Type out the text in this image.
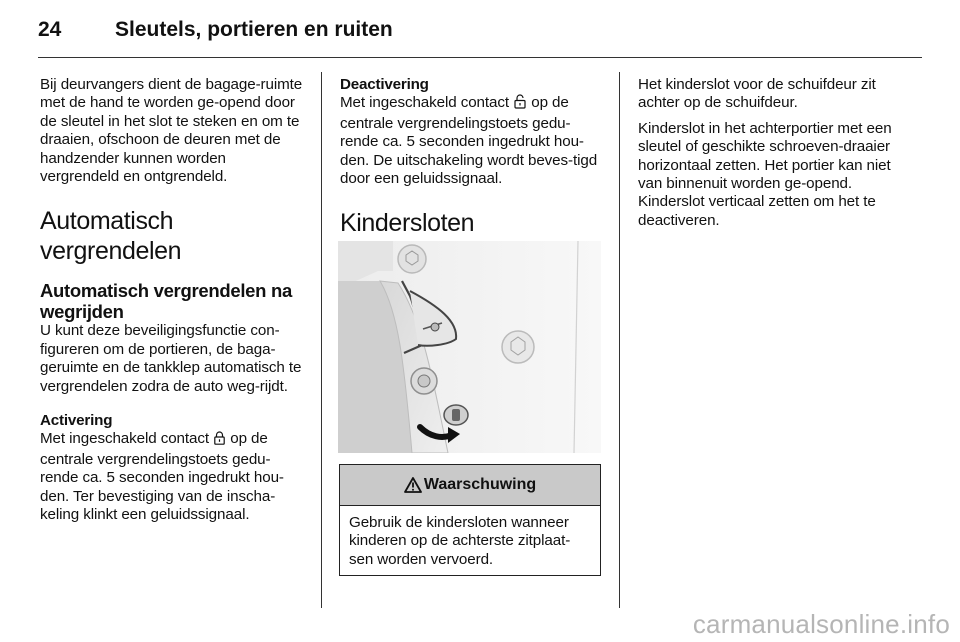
24	Sleutels, portieren en ruiten

Bij deurvangers dient de bagage-ruimte met de hand te worden ge-opend door de sleutel in het slot te steken en om te draaien, ofschoon de deuren met de handzender kunnen worden vergrendeld en ontgrendeld.

Automatisch vergrendelen
Automatisch vergrendelen na wegrijden

U kunt deze beveiligingsfunctie con-figureren om de portieren, de baga-geruimte en de tankklep automatisch te vergrendelen zodra de auto weg-rijdt.

Activering

Met ingeschakeld contact op de centrale vergrendelingstoets gedu-rende ca. 5 seconden ingedrukt hou-den. Ter bevestiging van de inscha-keling klinkt een geluidssignaal.

Deactivering

Met ingeschakeld contact op de centrale vergrendelingstoets gedu-rende ca. 5 seconden ingedrukt hou-den. De uitschakeling wordt beves-tigd door een geluidssignaal.

Kindersloten
Waarschuwing

Gebruik de kindersloten wanneer kinderen op de achterste zitplaat-sen worden vervoerd.

Het kinderslot voor de schuifdeur zit achter op de schuifdeur.

Kinderslot in het achterportier met een sleutel of geschikte schroeven-draaier horizontaal zetten. Het portier kan niet van binnenuit worden ge-opend. Kinderslot verticaal zetten om het te deactiveren.

carmanualsonline.info
